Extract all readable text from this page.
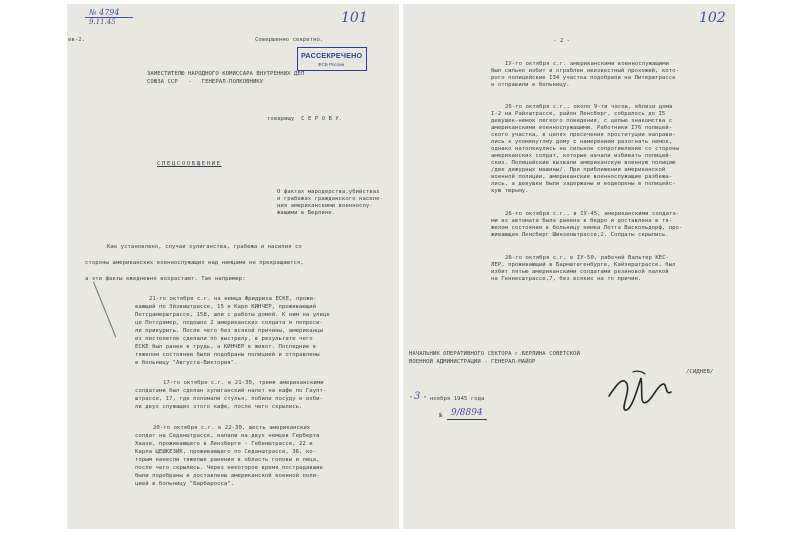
№ 4794
9.11.45	101
ев-2.	Совершенно секретно.
РАССЕКРЕЧЕНО
ФСБ России
ЗАМЕСТИТЕЛЮ НАРОДНОГО КОМИССАРА ВНУТРЕННИХ ДЕЛ
СОЮЗА ССР   -   ГЕНЕРАЛ-ПОЛКОВНИКУ
товарищу  С Е Р О В У.
СПЕЦСООБЩЕНИЕ
О фактах мародерства,убийствах
и грабежах гражданского населе-
ния американскими военнослу-
жащими в Берлине.
Как установлено, случаи хулиганства, грабежа и насилия со
стороны американских военнослужащих над немцами не прекращаются,
а эти факты ежедневно возрастают. Так например:
21-го октября с.г. на немца Фридриха ЕСКЕ, прожи-
вающий по Эйзвиштрассе, 15 и Карл КИНЧЕР, проживающий
Потсдамерштрассе, 158, шли с работы домой. К ним на улице
це Потсдамер, подошло 2 американских солдата и попроси-
ли прикурить. После чего без всякой причины, американцы
из пистолетов сделали по выстрелу, в результате чего
ЕСКЕ был ранен в грудь, а КИНЧЕР в живот. Последние в
тяжелом состоянии были подобраны полицией и отправлены
в больницу "Августа-Виктория".
17-го октября с.г. в 21-30, тремя американскими
солдатами был сделан хулиганский налет на кафе по Гаупт-
штрассе, 17, где поломали стулья, побили посуду и изби-
ли двух служащих этого кафе, после чего скрылись.
20-го октября с.г. в 22-30, шесть американских
солдат на Седанштрассе, напали на двух немцев Герберта
Хаазе, проживающего в Лензберге - Гебенштрассе, 22 и
Карла ЦЕШКЕЗИК, проживающего по Седанштрассе, 36, ко-
торым нанесли тяжелые ранения в область головы и лица,
после чего скрылись. Через некоторое время пострадавшие
были подобраны и доставлены американской военной поли-
цией в больницу "Барбаросса".
102
- 2 -
IУ-го октября с.г. американскими военнослужащими
был сильно избит и ограблен неизвестный прохожий, кото-
рого полицейские IЗ4 участка подобрали на Литерштрассе
и отправили в больницу.
26-го октября с.г., около 9-ти часов, вблизи дома
I-2 на Райхштрассе, район Ленсберг, собралось до I5
девушек-немок легкого поведения, с целью знакомства с
американскими военнослужащими. Работники I76 полицей-
ского участка, в целях пресечения проституции направи-
лись к упомянутому дому с намерением разогнать немок,
однако натолкнулись на сильное сопротивление со стороны
американских солдат, которые начали избивать полицей-
ских. Полицейские вызвали американскую военную полицию
/две дежурных машины/. При приближении американской
военной полиции, американские военнослужащие разбежа-
лись, а девушки были задержаны и водворены в полицейс-
кую тюрьму.
26-го октября с.г., в IУ-45, американскими солдата-
ми из автомата была ранена в бедро и доставлена в тя-
желом состоянии в больницу немка Лотта Васкольдорф, про-
живающая Ленсберг Шинзенштрассе,2. Солдаты скрылись.
26-го октября с.г. в IУ-50, рабочий Вальтер КЕС-
ЛЕР, проживающий в Бармштегенбурге, Кайзерштрассе, был
избит пятью американскими солдатами резиновой палкой
на Геннесштрассе,7, без всяких на то причин.
НАЧАЛЬНИК ОПЕРАТИВНОГО СЕКТОРА г.БЕРЛИНА СОВЕТСКОЙ
ВОЕННОЙ АДМИНИСТРАЦИИ - ГЕНЕРАЛ-МАЙОР
/СИДНЕВ/
" 3 " ноября 1945 года
№ 9/8894
